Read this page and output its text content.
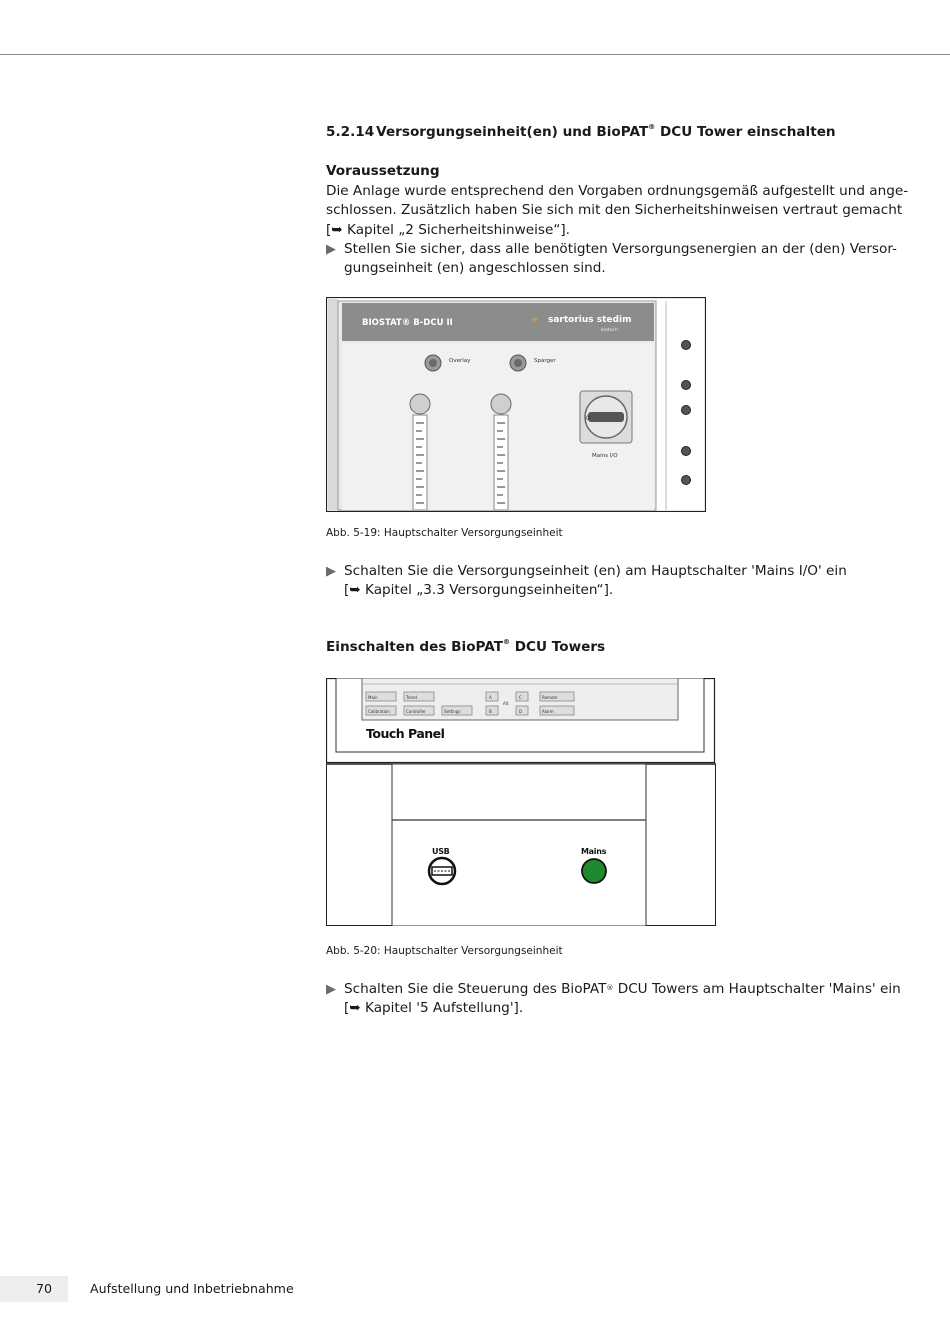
5.2.14 Versorgungseinheit(en) und BioPAT® DCU Tower einschalten
Voraussetzung
Die Anlage wurde entsprechend den Vorgaben ordnungsgemäß aufgestellt und ange-
schlossen. Zusätzlich haben Sie sich mit den Sicherheitshinweisen vertraut gemacht
[➥ Kapitel „2 Sicherheitshinweise“].
▶ Stellen Sie sicher, dass alle benötigten Versorgungsenergien an der (den) Versor-
gungseinheit (en) angeschlossen sind.
BIOSTAT® B-DCU II	✳ sartorius stedim
biotech
Overlay	Sparger
0
Mains I/O
Abb. 5-19: Hauptschalter Versorgungseinheit
▶ Schalten Sie die Versorgungseinheit (en) am Hauptschalter 'Mains I/O' ein
[➥ Kapitel „3.3 Versorgungseinheiten“].
Einschalten des BioPAT® DCU Towers
Main	Trend
Calibration	Controller	Settings
A
B
C
D
Alt
Remote
Alarm
Touch Panel
USB	Mains
Abb. 5-20: Hauptschalter Versorgungseinheit
▶ Schalten Sie die Steuerung des BioPAT® DCU Towers am Hauptschalter 'Mains' ein
[➥ Kapitel '5 Aufstellung'].
70	Aufstellung und Inbetriebnahme
